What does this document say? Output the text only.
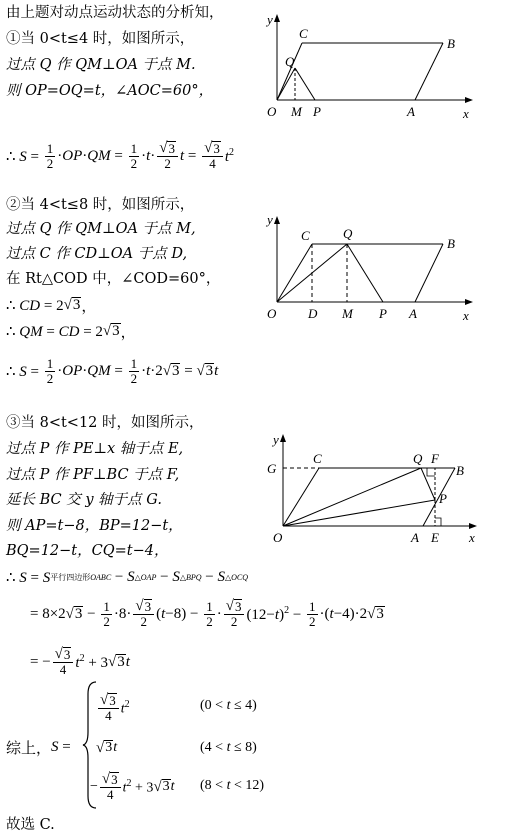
由上题对动点运动状态的分析知，
①当 0<t≤4 时，如图所示，
过点 Q 作 QM⊥OA 于点 M.
则 OP=OQ=t，∠AOC=60°，
∴ $S = \frac{1}{2} \cdot OP\cdot QM = \frac{1}{2} \cdot t\cdot \frac{√ 3}{2}$ $t = \frac{√ 3}{4} t^2$
y
x
O M P	A
Q
C
B
②当 4<t≤8 时，如图所示，
过点 Q 作 QM⊥OA 于点 M,
过点 C 作 CD⊥OA 于点 D,
在 Rt△COD 中，∠COD=60°，
∴ CD = 2 √ 3 ，
∴ QM = CD = 2 √ 3 ，
∴ $S = \frac{1}{2} \cdot OP\cdot QM = \frac{1}{2} \cdot t\cdot 2$ √ 3 = √ 3 t
y
x
O D M P A
C	Q
B
③当 8<t<12 时，如图所示，
过点 P 作 PE⊥x 轴于点 E,
过点 P 作 PF⊥BC 于点 F,
延长 BC 交 y 轴于点 G.
则 AP=t−8，BP=12−t，
BQ=12−t，CQ=t−4，
∴ S = S 平行四边形OABC − S △OAP − S △BPQ − S △OCQ
= 8×2 √ $3 - \frac{1}{2} \cdot 8\cdot \frac{√ 3}{2} (t-8) - \frac{1}{2} \cdot \frac{√ 3}{2} (12-t)^2 - \frac{1}{2} \cdot(t-4)\cdot 2$ √ 3
= − $\frac{√ 3}{4} t^2 + 3$ √ 3 t
y
x
O
G
C	Q F
B
P
A E
综上， S =
$\frac{√ 3}{4} t^2$	(0 < t ≤ 4)
√ 3 t	(4 < t ≤ 8)
− $\frac{√ 3}{4} t^2 + 3$ √ 3 t (8 < t < 12)
故选 C.
